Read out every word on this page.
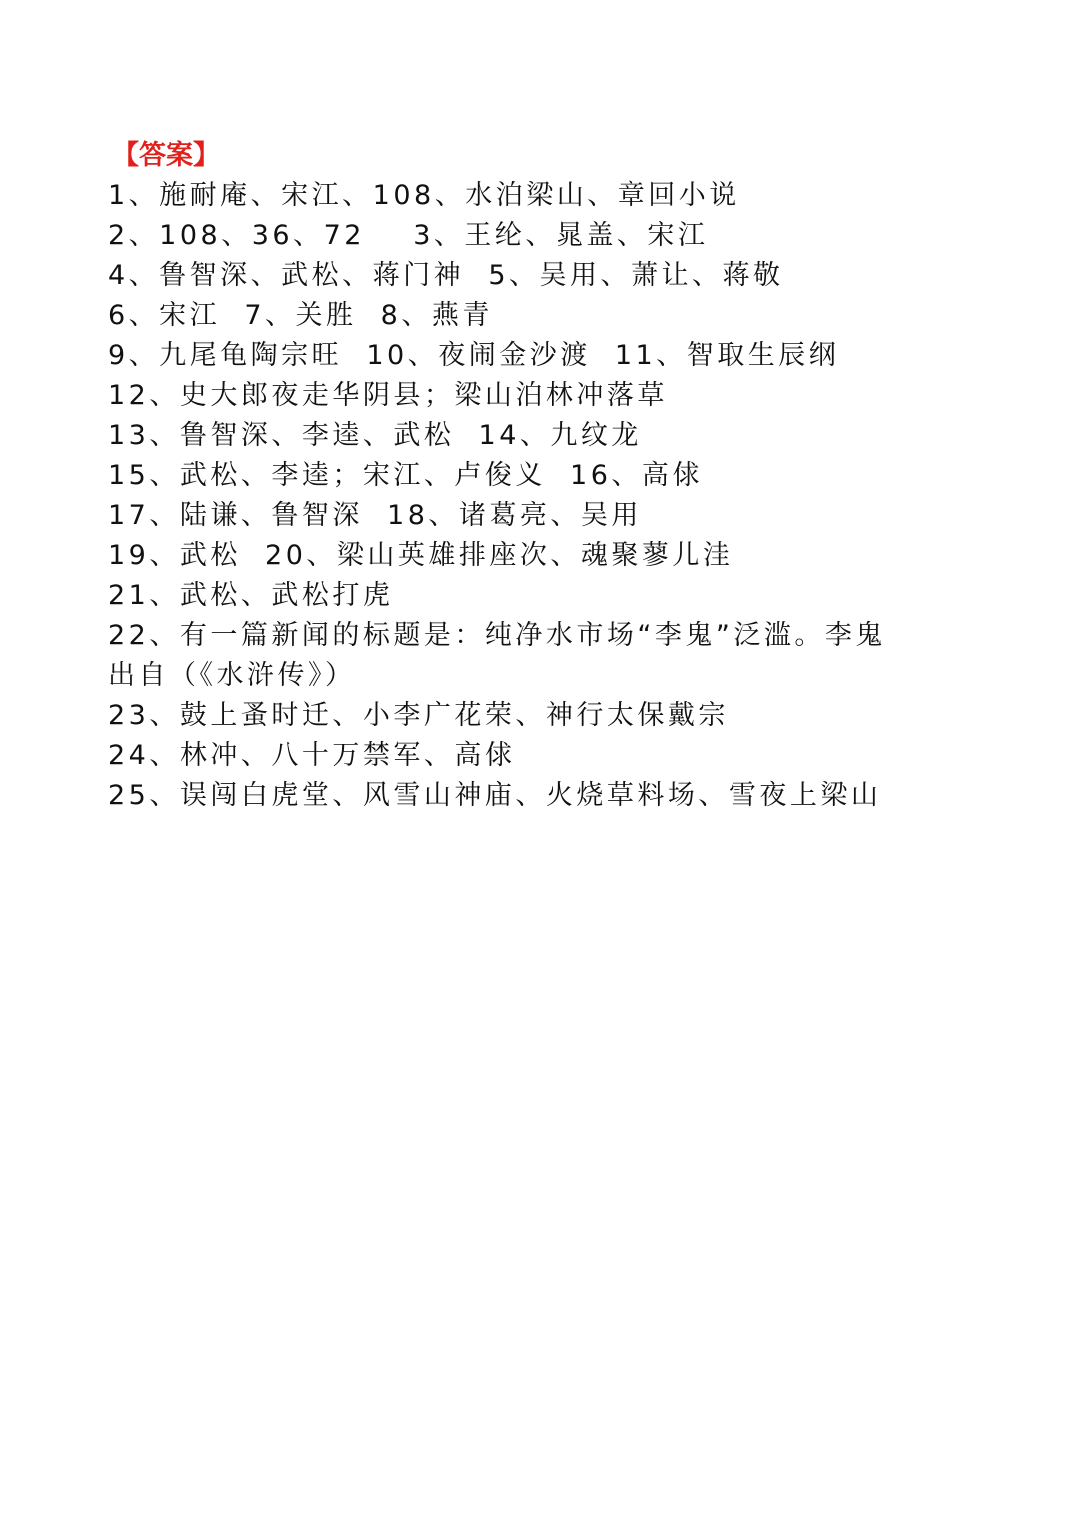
【答案】
1、施耐庵、宋江、108、水泊梁山、章回小说
2、108、36、72    3、王纶、晁盖、宋江
4、鲁智深、武松、蒋门神  5、吴用、萧让、蒋敬
6、宋江  7、关胜  8、燕青
9、九尾龟陶宗旺  10、夜闹金沙渡  11、智取生辰纲
12、史大郎夜走华阴县；梁山泊林冲落草
13、鲁智深、李逵、武松  14、九纹龙
15、武松、李逵；宋江、卢俊义  16、高俅
17、陆谦、鲁智深  18、诸葛亮、吴用
19、武松  20、梁山英雄排座次、魂聚蓼儿洼
21、武松、武松打虎
22、有一篇新闻的标题是：纯净水市场“李鬼”泛滥。李鬼
出自（《水浒传》）
23、鼓上蚤时迁、小李广花荣、神行太保戴宗
24、林冲、八十万禁军、高俅
25、误闯白虎堂、风雪山神庙、火烧草料场、雪夜上梁山
